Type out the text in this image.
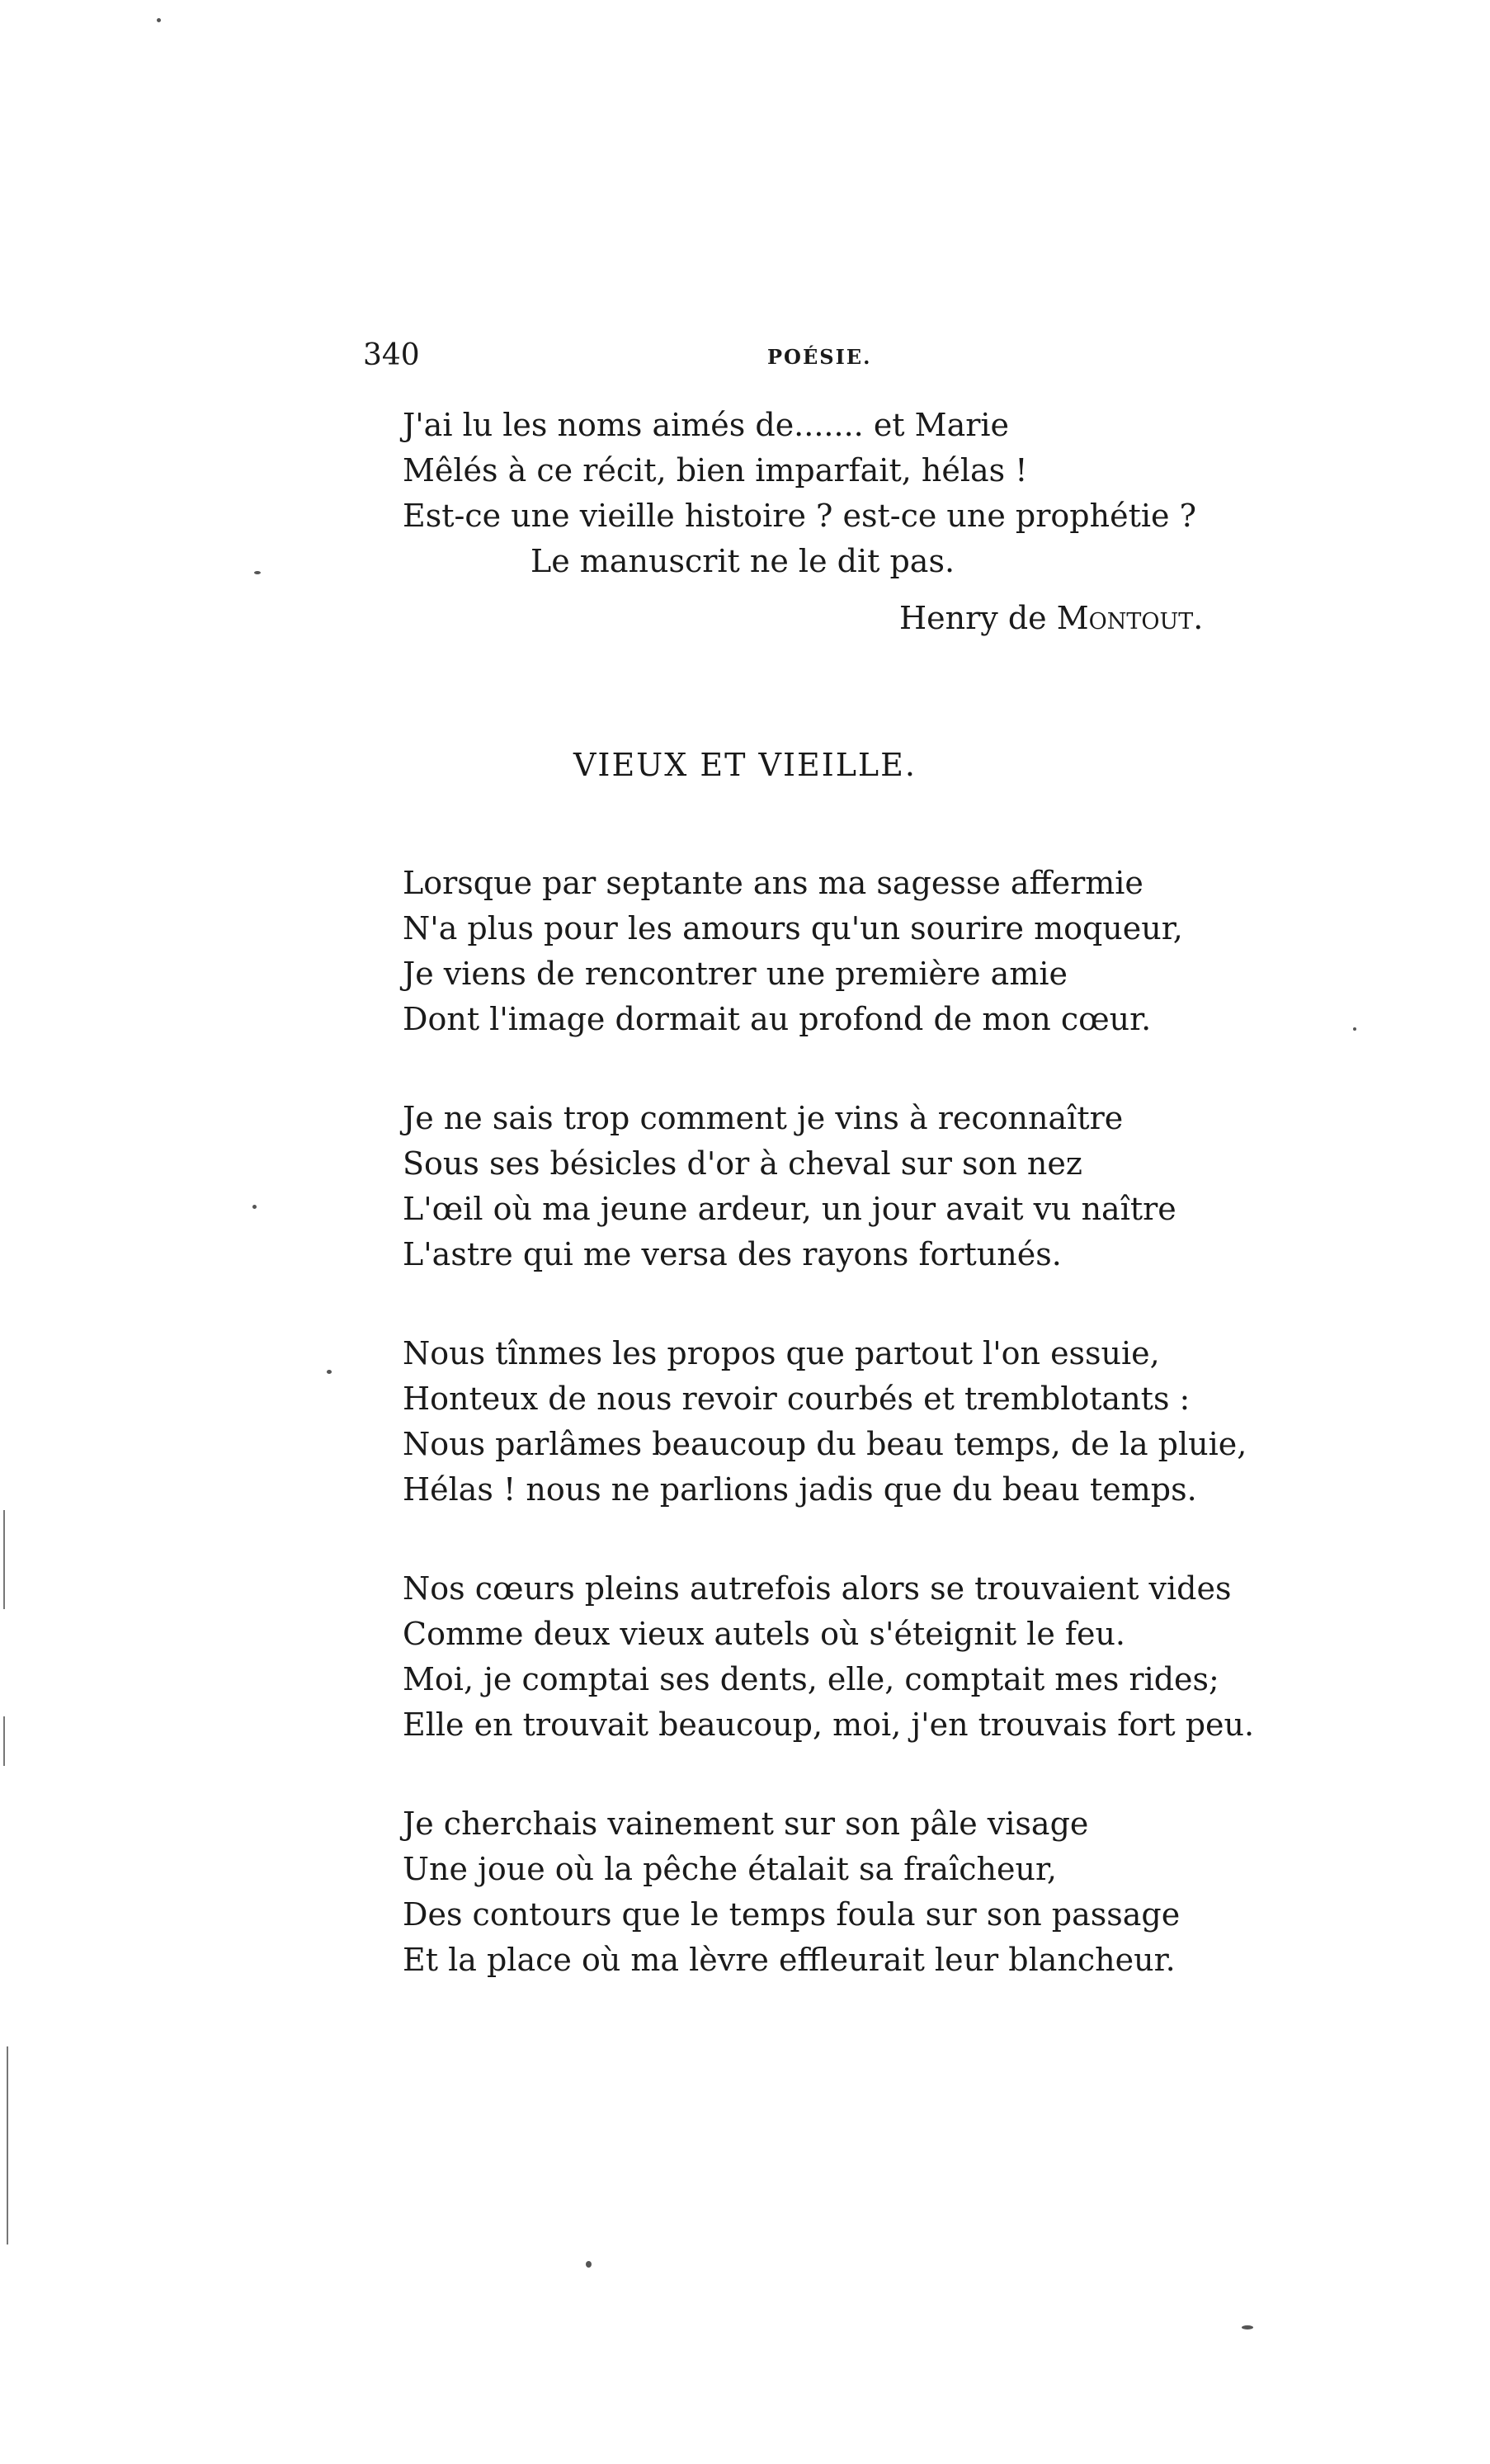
340	POÉSIE.
J'ai lu les noms aimés de....... et Marie
Mêlés à ce récit, bien imparfait, hélas !
Est-ce une vieille histoire ? est-ce une prophétie ?
Le manuscrit ne le dit pas.
Henry de Montout.
VIEUX ET VIEILLE.
Lorsque par septante ans ma sagesse affermie
N'a plus pour les amours qu'un sourire moqueur,
Je viens de rencontrer une première amie
Dont l'image dormait au profond de mon cœur.
Je ne sais trop comment je vins à reconnaître
Sous ses bésicles d'or à cheval sur son nez
L'œil où ma jeune ardeur, un jour avait vu naître
L'astre qui me versa des rayons fortunés.
Nous tînmes les propos que partout l'on essuie,
Honteux de nous revoir courbés et tremblotants :
Nous parlâmes beaucoup du beau temps, de la pluie,
Hélas ! nous ne parlions jadis que du beau temps.
Nos cœurs pleins autrefois alors se trouvaient vides
Comme deux vieux autels où s'éteignit le feu.
Moi, je comptai ses dents, elle, comptait mes rides;
Elle en trouvait beaucoup, moi, j'en trouvais fort peu.
Je cherchais vainement sur son pâle visage
Une joue où la pêche étalait sa fraîcheur,
Des contours que le temps foula sur son passage
Et la place où ma lèvre effleurait leur blancheur.
